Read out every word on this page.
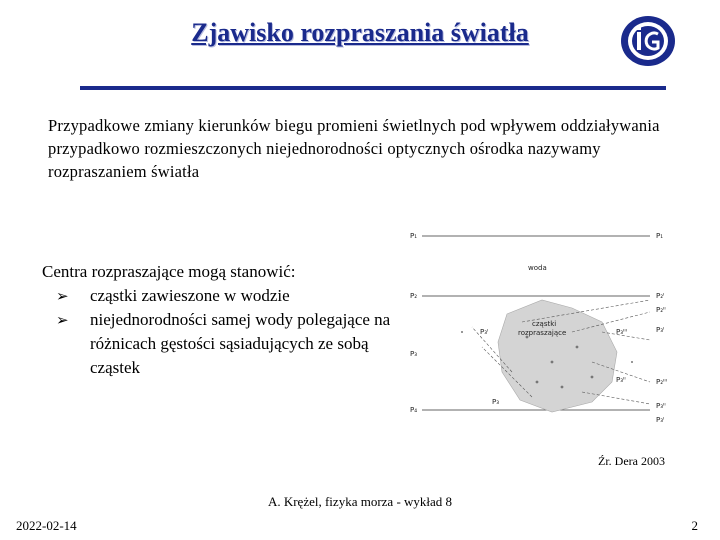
Zjawisko rozpraszania światła
Przypadkowe zmiany kierunków biegu promieni świetlnych pod wpływem oddziaływania przypadkowo rozmieszczonych niejednorodności optycznych ośrodka nazywamy rozpraszaniem światła
Centra rozpraszające mogą stanowić:
➢ cząstki zawieszone w wodzie
➢ niejednorodności samej wody polegające na różnicach gęstości sąsiadujących ze sobą cząstek
woda
cząstki
rozpraszające
P₁
P₂
P₃
P₄
P₁
P₂ᴵ
P₂ᴵᴵ
P₃ᴵ
P₂ᴵᴵᴵ
P₃ᴵᴵ
P₃ᴵ
P₃ᴵ	P₃ᴵᴵᴵ
P₃ᴵᴵ
P₃
Źr. Dera 2003
A. Krężel, fizyka morza - wykład 8
2022-02-14	2
